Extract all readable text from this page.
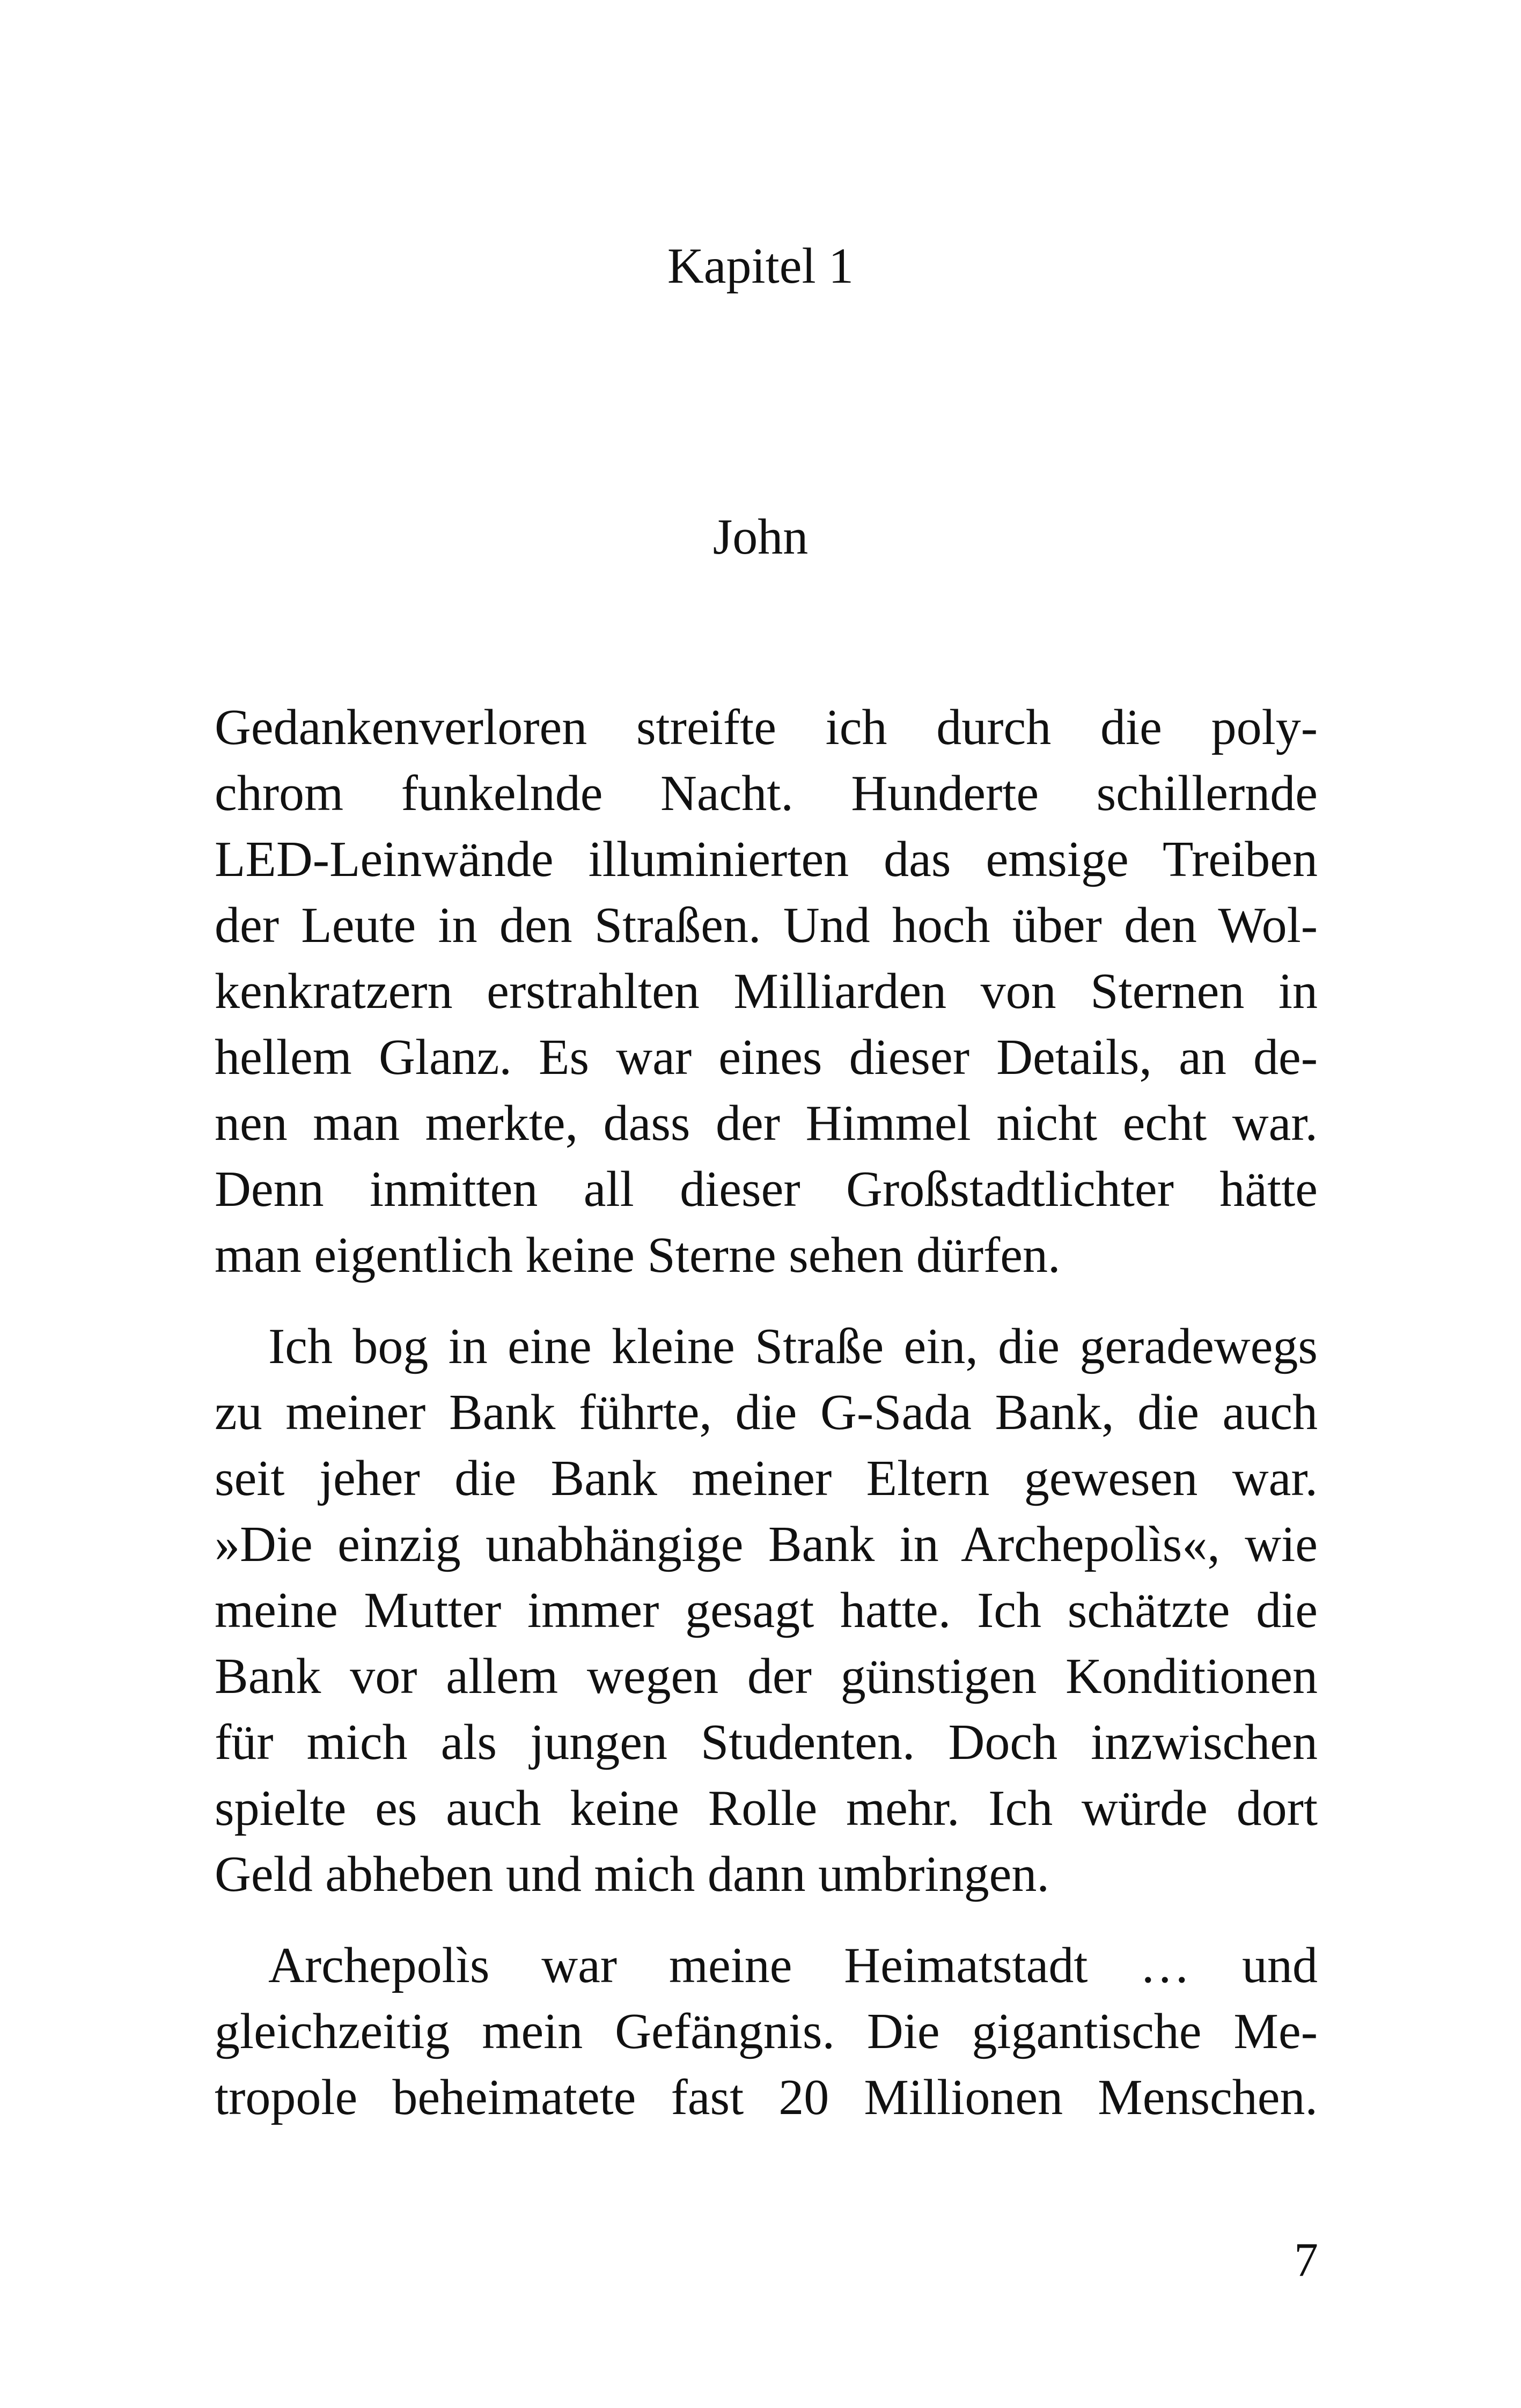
Kapitel 1
John
Gedankenverloren streifte ich durch die poly-
chrom funkelnde Nacht. Hunderte schillernde
LED-Leinwände illuminierten das emsige Treiben
der Leute in den Straßen. Und hoch über den Wol-
kenkratzern erstrahlten Milliarden von Sternen in
hellem Glanz. Es war eines dieser Details, an de-
nen man merkte, dass der Himmel nicht echt war.
Denn inmitten all dieser Großstadtlichter hätte
man eigentlich keine Sterne sehen dürfen.
Ich bog in eine kleine Straße ein, die geradewegs
zu meiner Bank führte, die G-Sada Bank, die auch
seit jeher die Bank meiner Eltern gewesen war.
»Die einzig unabhängige Bank in Archepolìs«, wie
meine Mutter immer gesagt hatte. Ich schätzte die
Bank vor allem wegen der günstigen Konditionen
für mich als jungen Studenten. Doch inzwischen
spielte es auch keine Rolle mehr. Ich würde dort
Geld abheben und mich dann umbringen.
Archepolìs war meine Heimatstadt … und
gleichzeitig mein Gefängnis. Die gigantische Me-
tropole beheimatete fast 20 Millionen Menschen.
7
